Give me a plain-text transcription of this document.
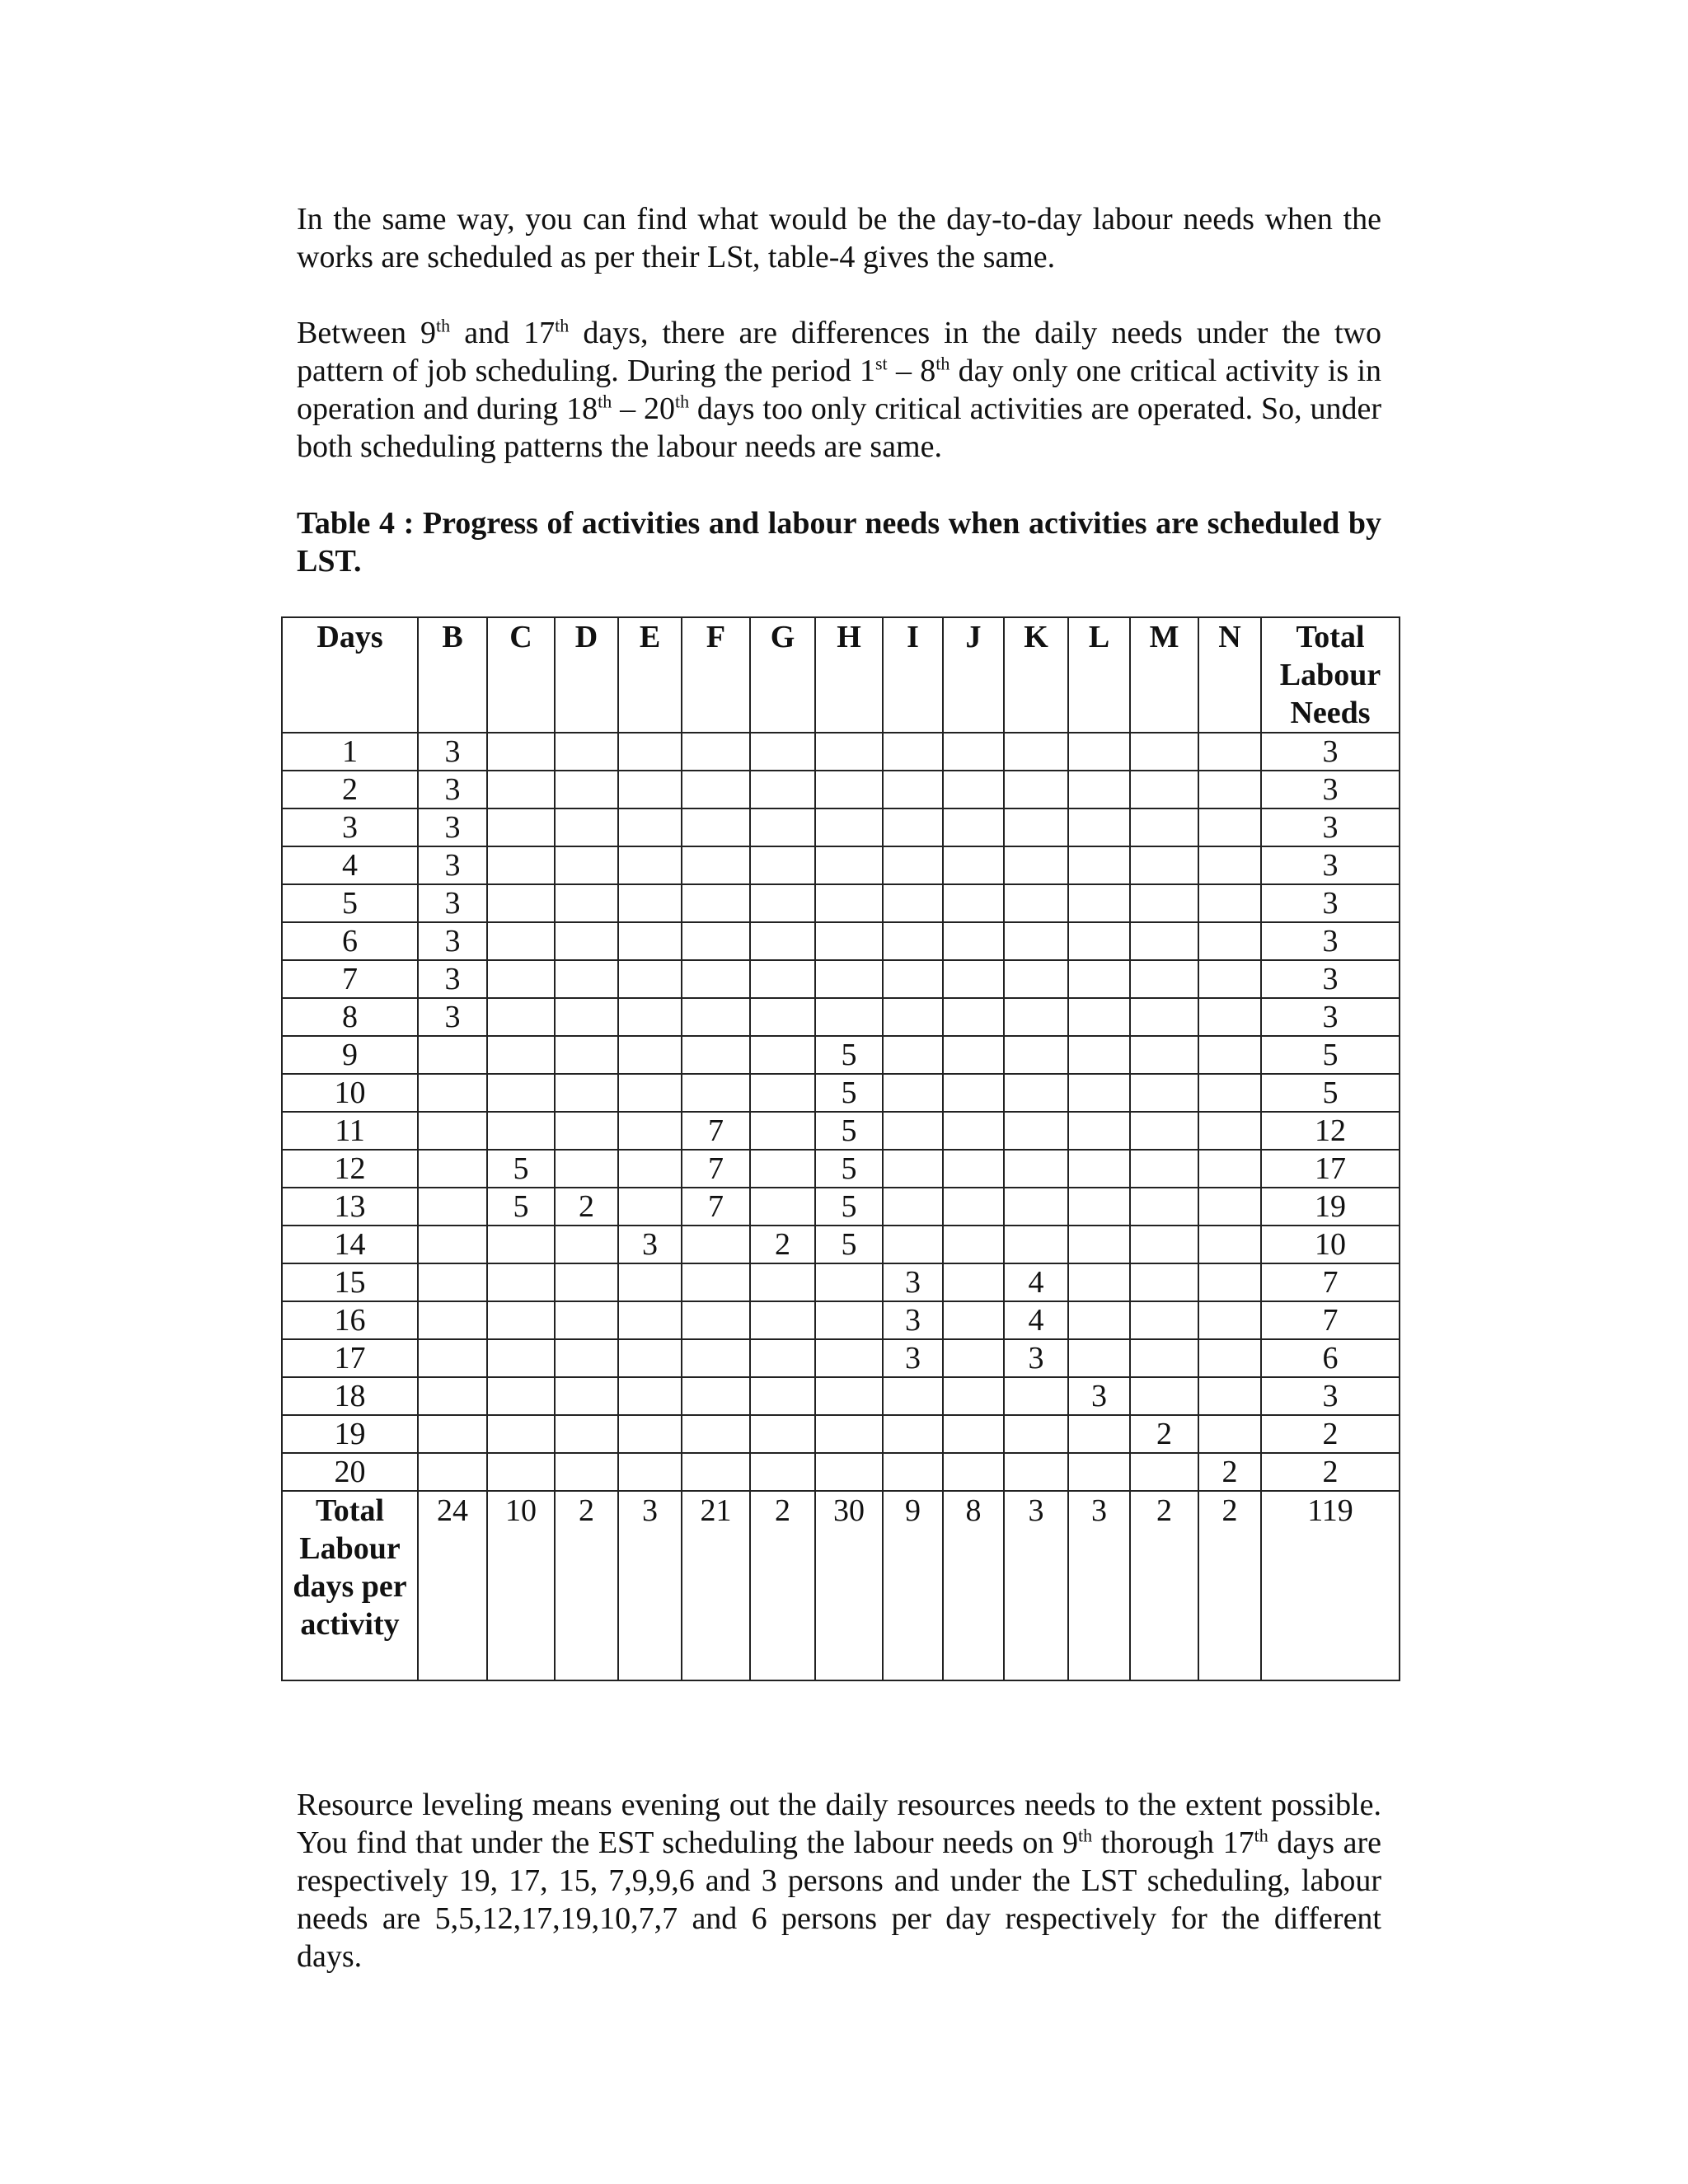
In the same way, you can find what would be the day-to-day labour needs when the works are scheduled as per their LSt, table-4 gives the same.

Between 9th and 17th days, there are differences in the daily needs under the two pattern of job scheduling. During the period 1st – 8th day only one critical activity is in operation and during 18th – 20th days too only critical activities are operated. So, under both scheduling patterns the labour needs are same.

Table 4 : Progress of activities and labour needs when activities are scheduled by LST.

Days	B	C	D	E	F	G	H	I	J	K	L	M	N	Total Labour Needs
1	3													3
2	3													3
3	3													3
4	3													3
5	3													3
6	3													3
7	3													3
8	3													3
9							5							5
10							5							5
11					7		5							12
12		5			7		5							17
13		5	2		7		5							19
14				3		2	5							10
15								3		4				7
16								3		4				7
17								3		3				6
18											3			3
19												2		2
20													2	2
Total Labour days per activity	24	10	2	3	21	2	30	9	8	3	3	2	2	119

Resource leveling means evening out the daily resources needs to the extent possible. You find that under the EST scheduling the labour needs on 9th thorough 17th days are respectively 19, 17, 15, 7,9,9,6 and 3 persons and under the LST scheduling, labour needs are 5,5,12,17,19,10,7,7 and 6 persons per day respectively for the different days.
